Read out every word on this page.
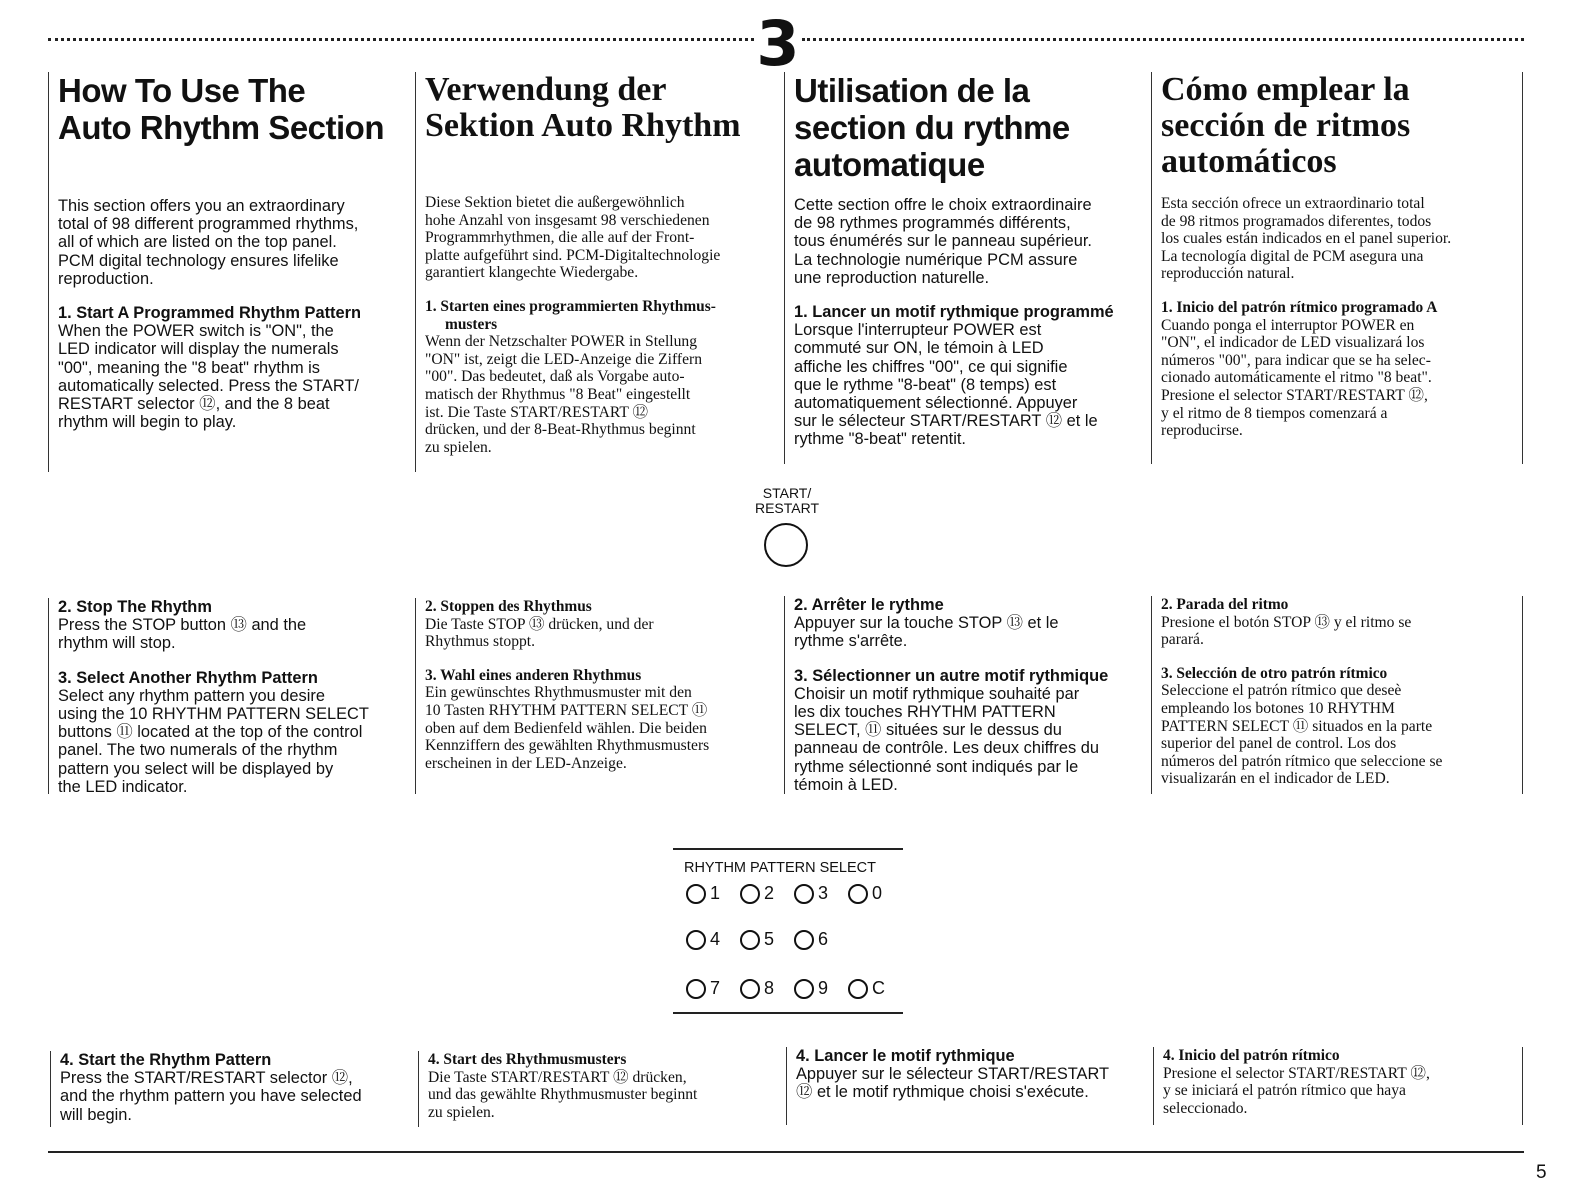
3
How To Use The
Auto Rhythm Section
This section offers you an extraordinary
total of 98 different programmed rhythms,
all of which are listed on the top panel.
PCM digital technology ensures lifelike
reproduction.
1. Start A Programmed Rhythm Pattern
When the POWER switch is "ON", the
LED indicator will display the numerals
"00", meaning the "8 beat" rhythm is
automatically selected. Press the START/
RESTART selector ⑫, and the 8 beat
rhythm will begin to play.
Verwendung der
Sektion Auto Rhythm
Diese Sektion bietet die außergewöhnlich
hohe Anzahl von insgesamt 98 verschiedenen
Programmrhythmen, die alle auf der Front-
platte aufgeführt sind. PCM-Digitaltechnologie
garantiert klangechte Wiedergabe.
1. Starten eines programmierten Rhythmus-
musters
Wenn der Netzschalter POWER in Stellung
"ON" ist, zeigt die LED-Anzeige die Ziffern
"00". Das bedeutet, daß als Vorgabe auto-
matisch der Rhythmus "8 Beat" eingestellt
ist. Die Taste START/RESTART ⑫
drücken, und der 8-Beat-Rhythmus beginnt
zu spielen.
Utilisation de la
section du rythme
automatique
Cette section offre le choix extraordinaire
de 98 rythmes programmés différents,
tous énumérés sur le panneau supérieur.
La technologie numérique PCM assure
une reproduction naturelle.
1. Lancer un motif rythmique programmé
Lorsque l'interrupteur POWER est
commuté sur ON, le témoin à LED
affiche les chiffres "00", ce qui signifie
que le rythme "8-beat" (8 temps) est
automatiquement sélectionné. Appuyer
sur le sélecteur START/RESTART ⑫ et le
rythme "8-beat" retentit.
Cómo emplear la
sección de ritmos
automáticos
Esta sección ofrece un extraordinario total
de 98 ritmos programados diferentes, todos
los cuales están indicados en el panel superior.
La tecnología digital de PCM asegura una
reproducción natural.
1. Inicio del patrón rítmico programado A
Cuando ponga el interruptor POWER en
"ON", el indicador de LED visualizará los
números "00", para indicar que se ha selec-
cionado automáticamente el ritmo "8 beat".
Presione el selector START/RESTART ⑫,
y el ritmo de 8 tiempos comenzará a
reproducirse.
START/
RESTART
2. Stop The Rhythm
Press the STOP button ⑬ and the
rhythm will stop.
3. Select Another Rhythm Pattern
Select any rhythm pattern you desire
using the 10 RHYTHM PATTERN SELECT
buttons ⑪ located at the top of the control
panel. The two numerals of the rhythm
pattern you select will be displayed by
the LED indicator.
2. Stoppen des Rhythmus
Die Taste STOP ⑬ drücken, und der
Rhythmus stoppt.
3. Wahl eines anderen Rhythmus
Ein gewünschtes Rhythmusmuster mit den
10 Tasten RHYTHM PATTERN SELECT ⑪
oben auf dem Bedienfeld wählen. Die beiden
Kennziffern des gewählten Rhythmusmusters
erscheinen in der LED-Anzeige.
2. Arrêter le rythme
Appuyer sur la touche STOP ⑬ et le
rythme s'arrête.
3. Sélectionner un autre motif rythmique
Choisir un motif rythmique souhaité par
les dix touches RHYTHM PATTERN
SELECT, ⑪ situées sur le dessus du
panneau de contrôle. Les deux chiffres du
rythme sélectionné sont indiqués par le
témoin à LED.
2. Parada del ritmo
Presione el botón STOP ⑬ y el ritmo se
parará.
3. Selección de otro patrón rítmico
Seleccione el patrón rítmico que deseè
empleando los botones 10 RHYTHM
PATTERN SELECT ⑪ situados en la parte
superior del panel de control. Los dos
números del patrón rítmico que seleccione se
visualizarán en el indicador de LED.
RHYTHM PATTERN SELECT
1 2 3 0
4 5 6
7 8 9 C
4. Start the Rhythm Pattern
Press the START/RESTART selector ⑫,
and the rhythm pattern you have selected
will begin.
4. Start des Rhythmusmusters
Die Taste START/RESTART ⑫ drücken,
und das gewählte Rhythmusmuster beginnt
zu spielen.
4. Lancer le motif rythmique
Appuyer sur le sélecteur START/RESTART
⑫ et le motif rythmique choisi s'exécute.
4. Inicio del patrón rítmico
Presione el selector START/RESTART ⑫,
y se iniciará el patrón rítmico que haya
seleccionado.
5
